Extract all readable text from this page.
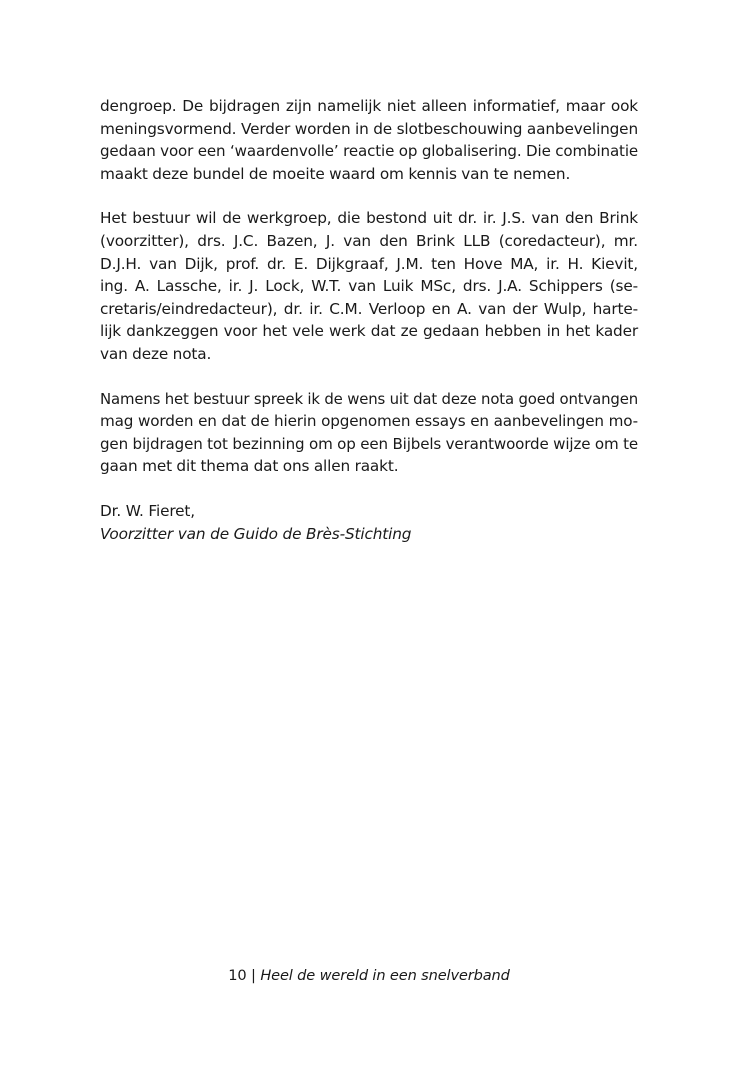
dengroep. De bijdragen zijn namelijk niet alleen informatief, maar ook
meningsvormend. Verder worden in de slotbeschouwing aanbevelingen
gedaan voor een ‘waardenvolle’ reactie op globalisering. Die combinatie
maakt deze bundel de moeite waard om kennis van te nemen.

Het bestuur wil de werkgroep, die bestond uit dr. ir. J.S. van den Brink
(voorzitter), drs. J.C. Bazen, J. van den Brink LLB (coredacteur), mr.
D.J.H. van Dijk, prof. dr. E. Dijkgraaf, J.M. ten Hove MA, ir. H. Kievit,
ing. A. Lassche, ir. J. Lock, W.T. van Luik MSc, drs. J.A. Schippers (se-
cretaris/eindredacteur), dr. ir. C.M. Verloop en A. van der Wulp, harte-
lijk dankzeggen voor het vele werk dat ze gedaan hebben in het kader
van deze nota.

Namens het bestuur spreek ik de wens uit dat deze nota goed ontvangen
mag worden en dat de hierin opgenomen essays en aanbevelingen mo-
gen bijdragen tot bezinning om op een Bijbels verantwoorde wijze om te
gaan met dit thema dat ons allen raakt.

Dr. W. Fieret,
Voorzitter van de Guido de Brès-Stichting
10 | Heel de wereld in een snelverband
